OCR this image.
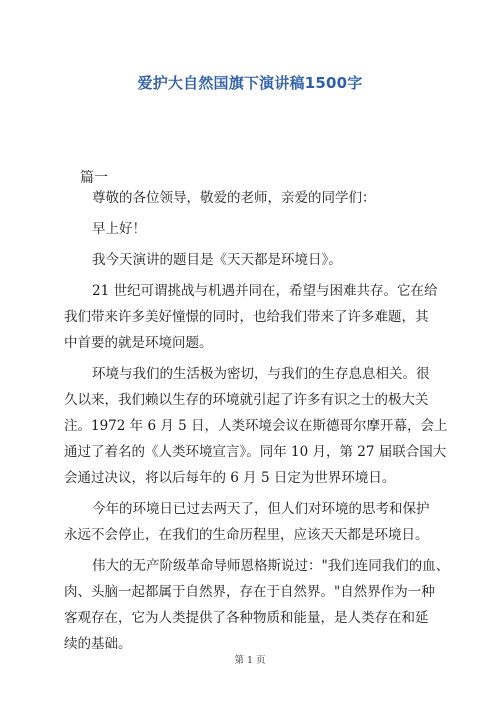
爱护大自然国旗下演讲稿1500字
篇一
尊敬的各位领导，敬爱的老师，亲爱的同学们：
早上好！
我今天演讲的题目是《天天都是环境日》。
21 世纪可谓挑战与机遇并同在，希望与困难共存。它在给
我们带来许多美好憧憬的同时，也给我们带来了许多难题，其
中首要的就是环境问题。
环境与我们的生活极为密切，与我们的生存息息相关。很
久以来，我们赖以生存的环境就引起了许多有识之士的极大关
注。1972 年 6 月 5 日，人类环境会议在斯德哥尔摩开幕，会上
通过了着名的《人类环境宣言》。同年 10 月，第 27 届联合国大
会通过决议，将以后每年的 6 月 5 日定为世界环境日。
今年的环境日已过去两天了，但人们对环境的思考和保护
永远不会停止，在我们的生命历程里，应该天天都是环境日。
伟大的无产阶级革命导师恩格斯说过："我们连同我们的血、
肉、头脑一起都属于自然界，存在于自然界。"自然界作为一种
客观存在，它为人类提供了各种物质和能量，是人类存在和延
续的基础。
第 1 页
